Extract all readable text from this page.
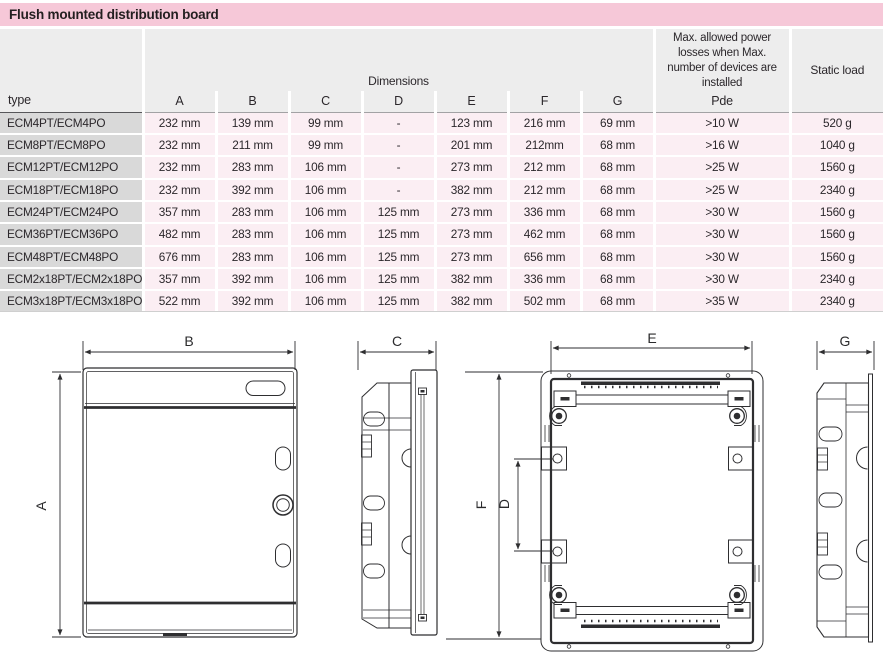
Flush mounted distribution board
type	Dimensions							Max. allowed power losses when Max. number of devices are installed	Static load
	A	B	C	D	E	F	G	Pde	
ECM4PT/ECM4PO	232 mm	139 mm	99 mm	-	123 mm	216 mm	69 mm	>10 W	520 g
ECM8PT/ECM8PO	232 mm	211 mm	99 mm	-	201 mm	212mm	68 mm	>16 W	1040 g
ECM12PT/ECM12PO	232 mm	283 mm	106 mm	-	273 mm	212 mm	68 mm	>25 W	1560 g
ECM18PT/ECM18PO	232 mm	392 mm	106 mm	-	382 mm	212 mm	68 mm	>25 W	2340 g
ECM24PT/ECM24PO	357 mm	283 mm	106 mm	125 mm	273 mm	336 mm	68 mm	>30 W	1560 g
ECM36PT/ECM36PO	482 mm	283 mm	106 mm	125 mm	273 mm	462 mm	68 mm	>30 W	1560 g
ECM48PT/ECM48PO	676 mm	283 mm	106 mm	125 mm	273 mm	656 mm	68 mm	>30 W	1560 g
ECM2x18PT/ECM2x18PO	357 mm	392 mm	106 mm	125 mm	382 mm	336 mm	68 mm	>30 W	2340 g
ECM3x18PT/ECM3x18PO	522 mm	392 mm	106 mm	125 mm	382 mm	502 mm	68 mm	>35 W	2340 g
B
A
C	E
F D
G
